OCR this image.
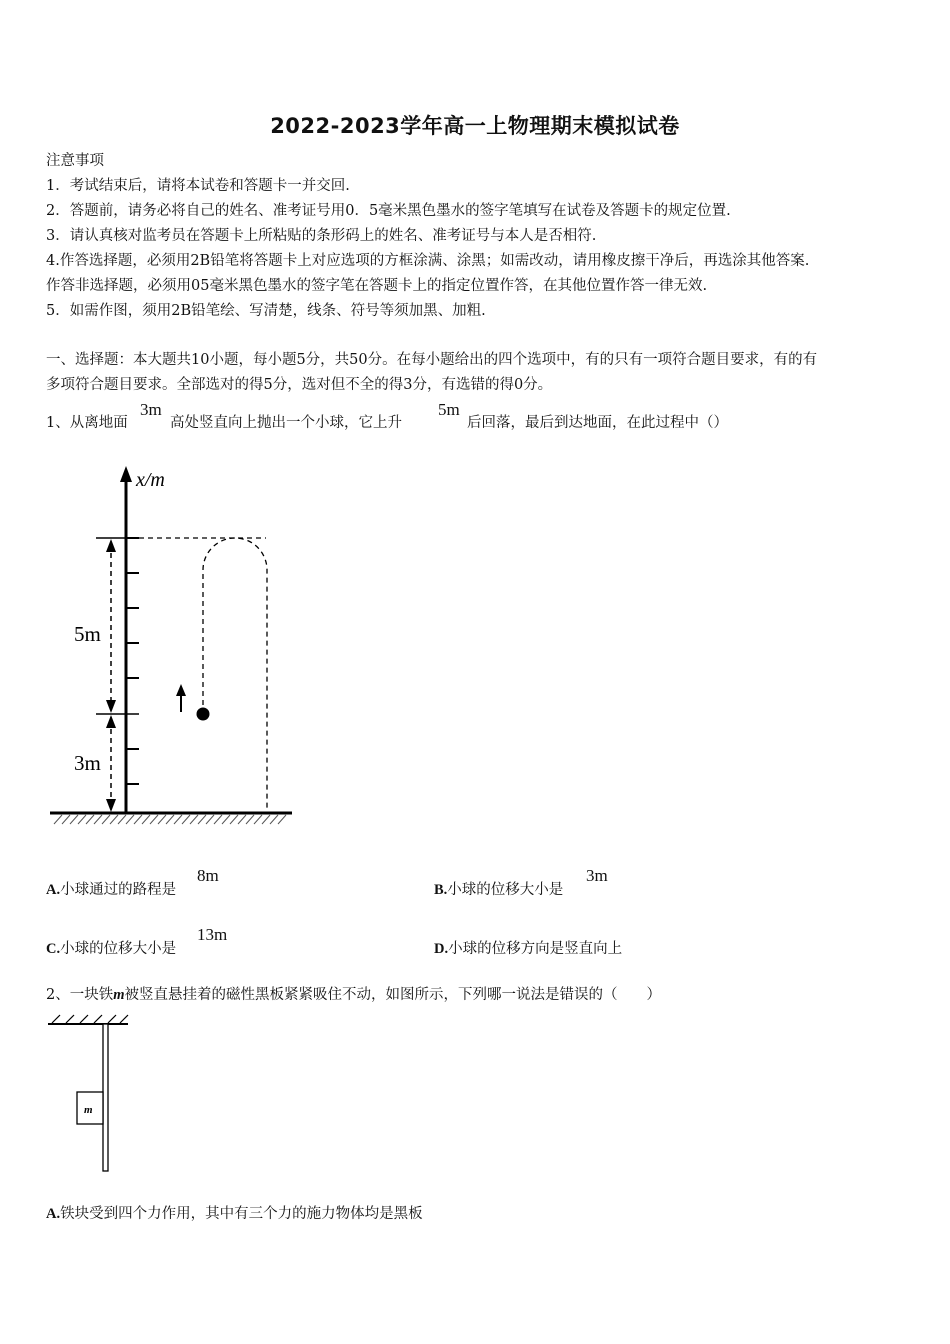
2022-2023学年高一上物理期末模拟试卷
注意事项
1．考试结束后，请将本试卷和答题卡一并交回.
2．答题前，请务必将自己的姓名、准考证号用0．5毫米黑色墨水的签字笔填写在试卷及答题卡的规定位置.
3．请认真核对监考员在答题卡上所粘贴的条形码上的姓名、准考证号与本人是否相符.
4.作答选择题，必须用2B铅笔将答题卡上对应选项的方框涂满、涂黑；如需改动，请用橡皮擦干净后，再选涂其他答案.
作答非选择题，必须用05毫米黑色墨水的签字笔在答题卡上的指定位置作答，在其他位置作答一律无效.
5．如需作图，须用2B铅笔绘、写清楚，线条、符号等须加黑、加粗.
一、选择题：本大题共10小题，每小题5分，共50分。在每小题给出的四个选项中，有的只有一项符合题目要求，有的有
多项符合题目要求。全部选对的得5分，选对但不全的得3分，有选错的得0分。
1、从离地面
3m
高处竖直向上抛出一个小球，它上升
5m
后回落，最后到达地面，在此过程中（）
x/m
5m
3m
A.小球通过的路程是
8m
B.小球的位移大小是
3m
C.小球的位移大小是
13m
D.小球的位移方向是竖直向上
2、一块铁m被竖直悬挂着的磁性黑板紧紧吸住不动，如图所示，下列哪一说法是错误的（　　）
m
A.铁块受到四个力作用，其中有三个力的施力物体均是黑板
